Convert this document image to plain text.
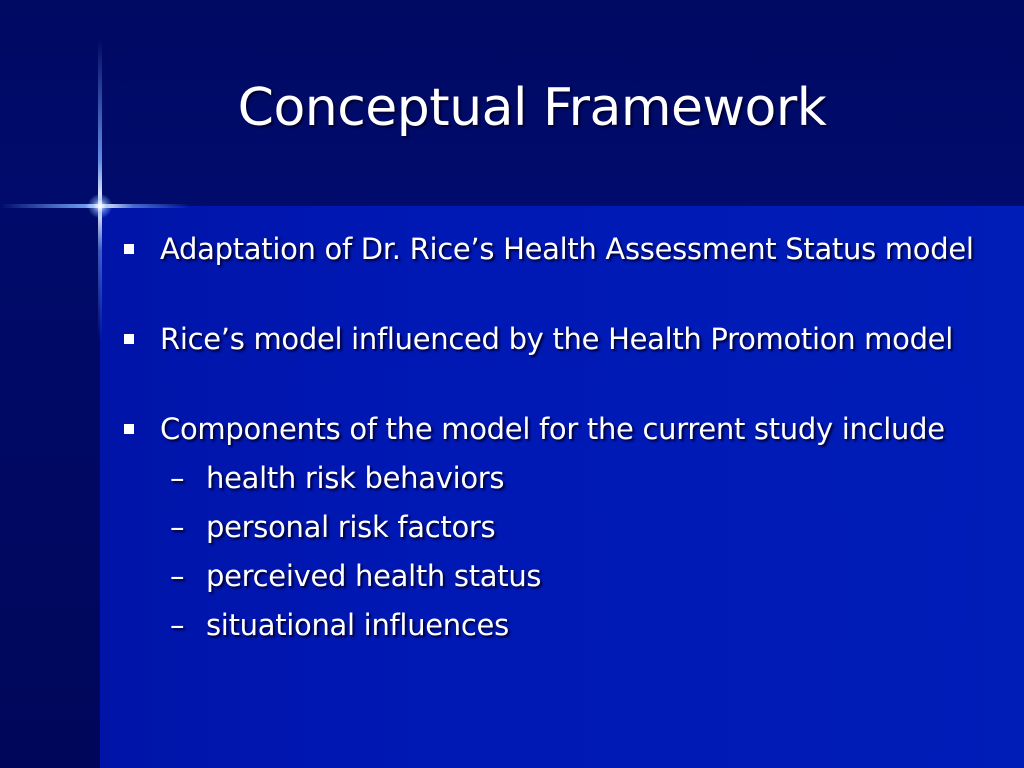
Conceptual Framework
Adaptation of Dr. Rice’s Health Assessment Status model
Rice’s model influenced by the Health Promotion model
Components of the model for the current study include
– health risk behaviors
– personal risk factors
– perceived health status
– situational influences
